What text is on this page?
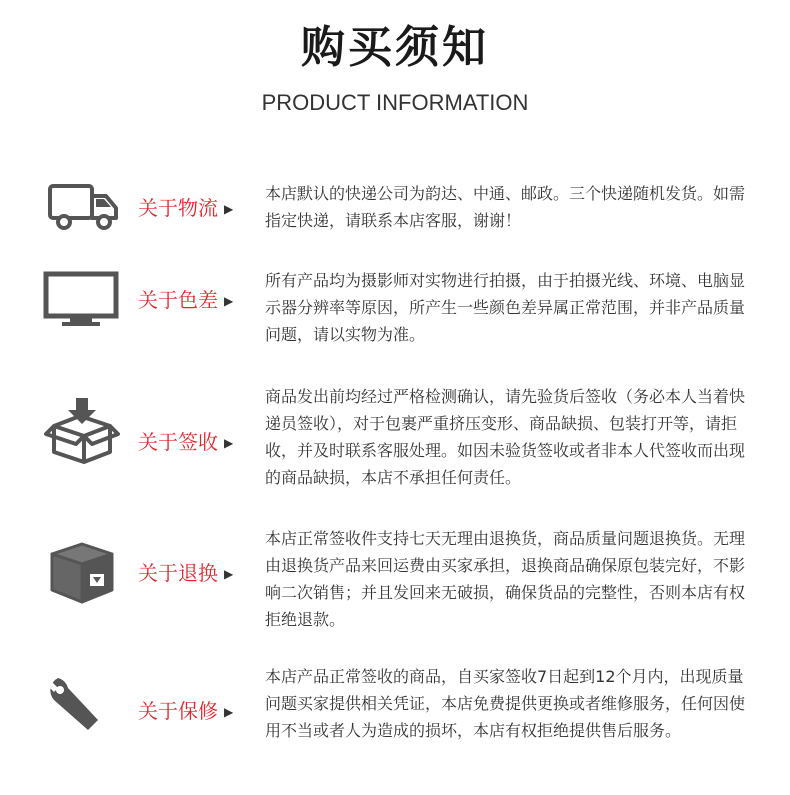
购买须知
PRODUCT INFORMATION
关于物流 ▶
本店默认的快递公司为韵达、中通、邮政。三个快递随机发货。如需指定快递，请联系本店客服，谢谢！
关于色差 ▶
所有产品均为摄影师对实物进行拍摄，由于拍摄光线、环境、电脑显示器分辨率等原因，所产生一些颜色差异属正常范围，并非产品质量问题，请以实物为准。
关于签收 ▶
商品发出前均经过严格检测确认，请先验货后签收（务必本人当着快递员签收），对于包裹严重挤压变形、商品缺损、包装打开等，请拒收，并及时联系客服处理。如因未验货签收或者非本人代签收而出现的商品缺损，本店不承担任何责任。
关于退换 ▶
本店正常签收件支持七天无理由退换货，商品质量问题退换货。无理由退换货产品来回运费由买家承担，退换商品确保原包装完好，不影响二次销售；并且发回来无破损，确保货品的完整性，否则本店有权拒绝退款。
关于保修 ▶
本店产品正常签收的商品，自买家签收7日起到12个月内，出现质量问题买家提供相关凭证，本店免费提供更换或者维修服务，任何因使用不当或者人为造成的损坏，本店有权拒绝提供售后服务。
